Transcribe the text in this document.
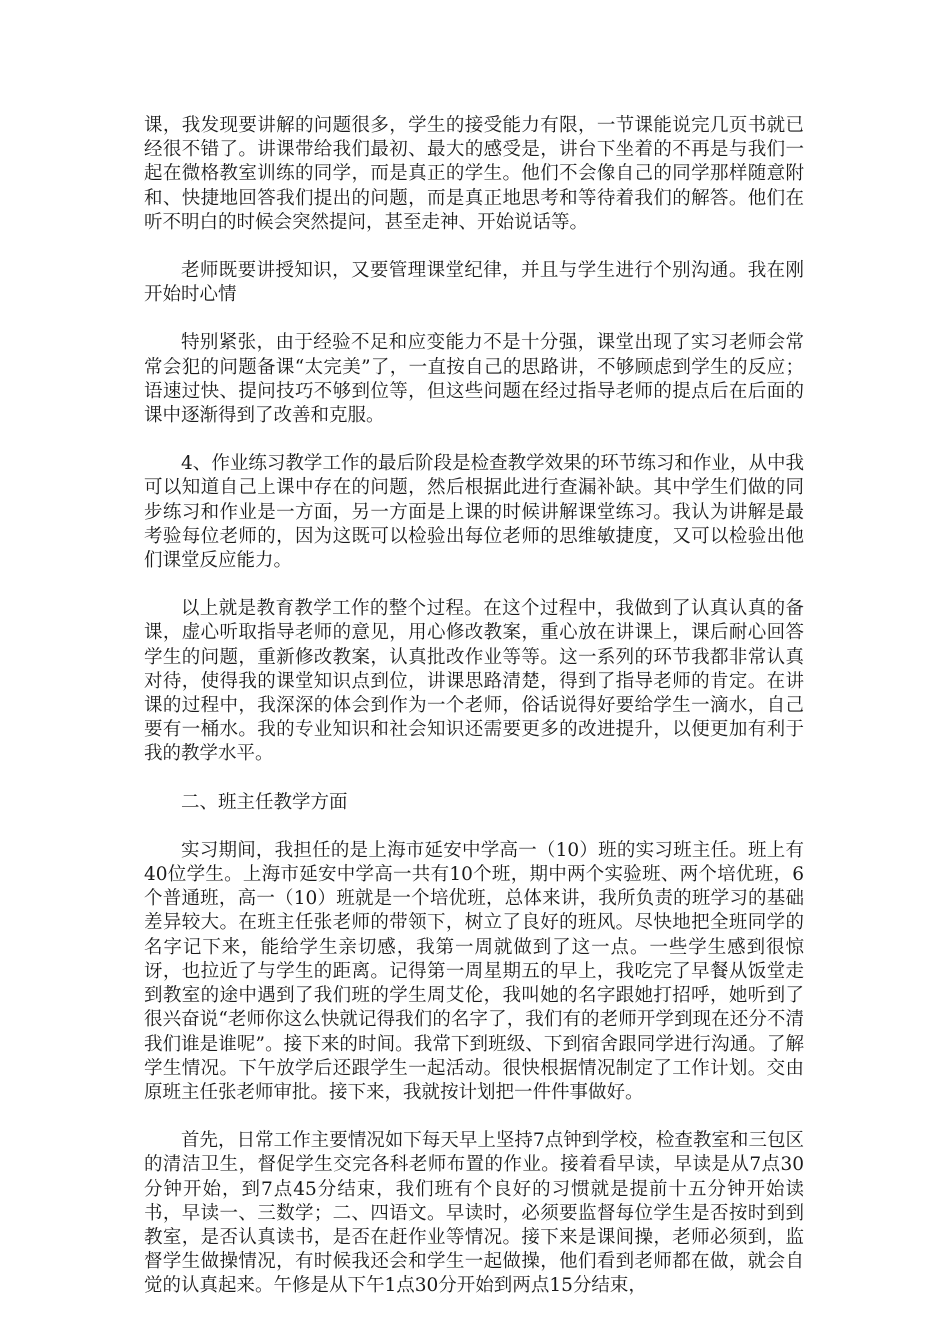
课，我发现要讲解的问题很多，学生的接受能力有限，一节课能说完几页书就已经很不错了。讲课带给我们最初、最大的感受是，讲台下坐着的不再是与我们一起在微格教室训练的同学，而是真正的学生。他们不会像自己的同学那样随意附和、快捷地回答我们提出的问题，而是真正地思考和等待着我们的解答。他们在听不明白的时候会突然提问，甚至走神、开始说话等。

老师既要讲授知识，又要管理课堂纪律，并且与学生进行个别沟通。我在刚开始时心情

特别紧张，由于经验不足和应变能力不是十分强，课堂出现了实习老师会常常会犯的问题备课“太完美”了，一直按自己的思路讲，不够顾虑到学生的反应；语速过快、提问技巧不够到位等，但这些问题在经过指导老师的提点后在后面的课中逐渐得到了改善和克服。

4、作业练习教学工作的最后阶段是检查教学效果的环节练习和作业，从中我可以知道自己上课中存在的问题，然后根据此进行查漏补缺。其中学生们做的同步练习和作业是一方面，另一方面是上课的时候讲解课堂练习。我认为讲解是最考验每位老师的，因为这既可以检验出每位老师的思维敏捷度，又可以检验出他们课堂反应能力。

以上就是教育教学工作的整个过程。在这个过程中，我做到了认真认真的备课，虚心听取指导老师的意见，用心修改教案，重心放在讲课上，课后耐心回答学生的问题，重新修改教案，认真批改作业等等。这一系列的环节我都非常认真对待，使得我的课堂知识点到位，讲课思路清楚，得到了指导老师的肯定。在讲课的过程中，我深深的体会到作为一个老师，俗话说得好要给学生一滴水，自己要有一桶水。我的专业知识和社会知识还需要更多的改进提升，以便更加有利于我的教学水平。

二、班主任教学方面

实习期间，我担任的是上海市延安中学高一（10）班的实习班主任。班上有40位学生。上海市延安中学高一共有10个班，期中两个实验班、两个培优班，6个普通班，高一（10）班就是一个培优班，总体来讲，我所负责的班学习的基础差异较大。在班主任张老师的带领下，树立了良好的班风。尽快地把全班同学的名字记下来，能给学生亲切感，我第一周就做到了这一点。一些学生感到很惊讶，也拉近了与学生的距离。记得第一周星期五的早上，我吃完了早餐从饭堂走到教室的途中遇到了我们班的学生周艾伦，我叫她的名字跟她打招呼，她听到了很兴奋说“老师你这么快就记得我们的名字了，我们有的老师开学到现在还分不清我们谁是谁呢”。接下来的时间。我常下到班级、下到宿舍跟同学进行沟通。了解学生情况。下午放学后还跟学生一起活动。很快根据情况制定了工作计划。交由原班主任张老师审批。接下来，我就按计划把一件件事做好。

首先，日常工作主要情况如下每天早上坚持7点钟到学校，检查教室和三包区的清洁卫生，督促学生交完各科老师布置的作业。接着看早读，早读是从7点30分钟开始，到7点45分结束，我们班有个良好的习惯就是提前十五分钟开始读书，早读一、三数学；二、四语文。早读时，必须要监督每位学生是否按时到到教室，是否认真读书，是否在赶作业等情况。接下来是课间操，老师必须到，监督学生做操情况，有时候我还会和学生一起做操，他们看到老师都在做，就会自觉的认真起来。午修是从下午1点30分开始到两点15分结束，
